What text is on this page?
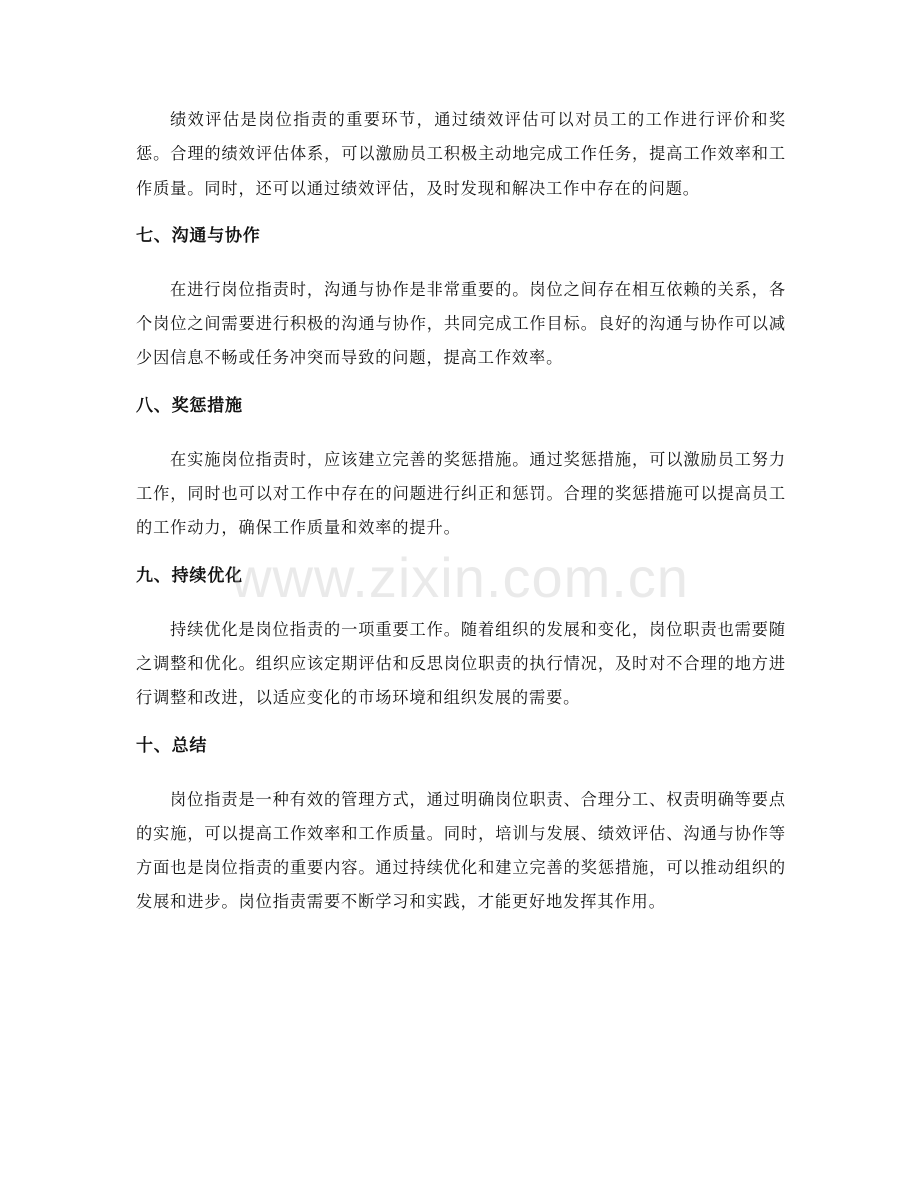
绩效评估是岗位指责的重要环节，通过绩效评估可以对员工的工作进行评价和奖惩。合理的绩效评估体系，可以激励员工积极主动地完成工作任务，提高工作效率和工作质量。同时，还可以通过绩效评估，及时发现和解决工作中存在的问题。

七、沟通与协作

在进行岗位指责时，沟通与协作是非常重要的。岗位之间存在相互依赖的关系，各个岗位之间需要进行积极的沟通与协作，共同完成工作目标。良好的沟通与协作可以减少因信息不畅或任务冲突而导致的问题，提高工作效率。

八、奖惩措施

在实施岗位指责时，应该建立完善的奖惩措施。通过奖惩措施，可以激励员工努力工作，同时也可以对工作中存在的问题进行纠正和惩罚。合理的奖惩措施可以提高员工的工作动力，确保工作质量和效率的提升。

九、持续优化

持续优化是岗位指责的一项重要工作。随着组织的发展和变化，岗位职责也需要随之调整和优化。组织应该定期评估和反思岗位职责的执行情况，及时对不合理的地方进行调整和改进，以适应变化的市场环境和组织发展的需要。

十、总结

岗位指责是一种有效的管理方式，通过明确岗位职责、合理分工、权责明确等要点的实施，可以提高工作效率和工作质量。同时，培训与发展、绩效评估、沟通与协作等方面也是岗位指责的重要内容。通过持续优化和建立完善的奖惩措施，可以推动组织的发展和进步。岗位指责需要不断学习和实践，才能更好地发挥其作用。

www.zixin.com.cn
